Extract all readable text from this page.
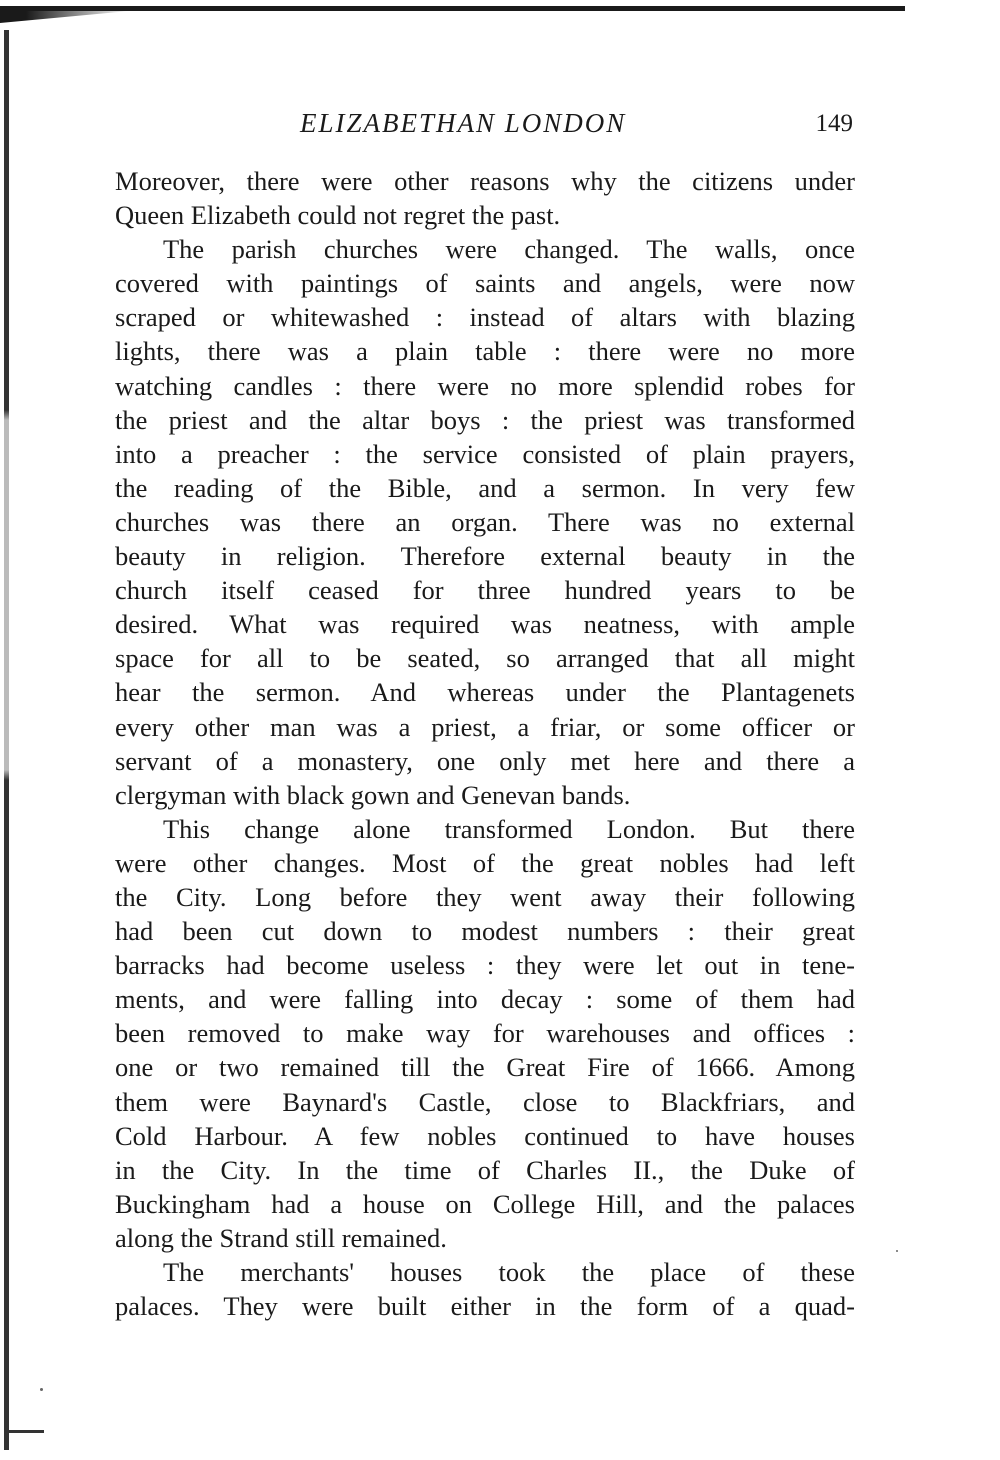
ELIZABETHAN LONDON	149
Moreover, there were other reasons why the citizens under
Queen Elizabeth could not regret the past.
The parish churches were changed. The walls, once
covered with paintings of saints and angels, were now
scraped or whitewashed : instead of altars with blazing
lights, there was a plain table : there were no more
watching candles : there were no more splendid robes for
the priest and the altar boys : the priest was transformed
into a preacher : the service consisted of plain prayers,
the reading of the Bible, and a sermon. In very few
churches was there an organ. There was no external
beauty in religion. Therefore external beauty in the
church itself ceased for three hundred years to be
desired. What was required was neatness, with ample
space for all to be seated, so arranged that all might
hear the sermon. And whereas under the Plantagenets
every other man was a priest, a friar, or some officer or
servant of a monastery, one only met here and there a
clergyman with black gown and Genevan bands.
This change alone transformed London. But there
were other changes. Most of the great nobles had left
the City. Long before they went away their following
had been cut down to modest numbers : their great
barracks had become useless : they were let out in tene-
ments, and were falling into decay : some of them had
been removed to make way for warehouses and offices :
one or two remained till the Great Fire of 1666. Among
them were Baynard's Castle, close to Blackfriars, and
Cold Harbour. A few nobles continued to have houses
in the City. In the time of Charles II., the Duke of
Buckingham had a house on College Hill, and the palaces
along the Strand still remained.
The merchants' houses took the place of these
palaces. They were built either in the form of a quad-
